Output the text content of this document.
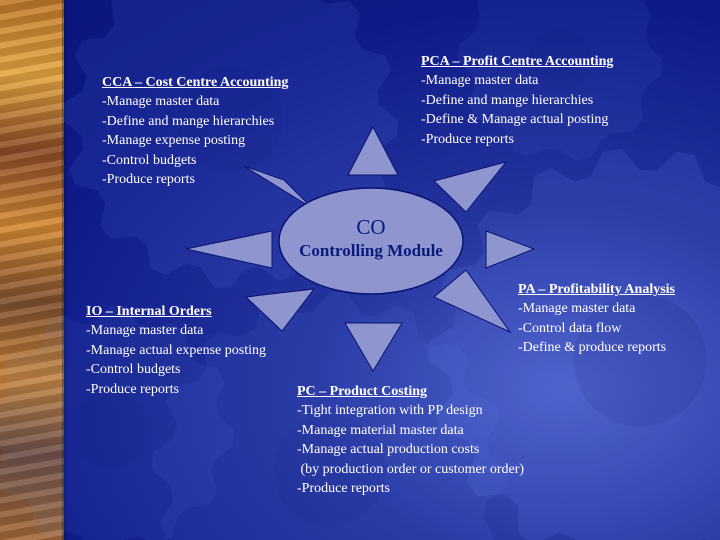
CO
Controlling Module
CCA – Cost Centre Accounting
-Manage master data
-Define and mange hierarchies
-Manage expense posting
-Control budgets
-Produce reports
PCA – Profit Centre Accounting
-Manage master data
-Define and mange hierarchies
-Define & Manage actual posting
-Produce reports
PA – Profitability Analysis
-Manage master data
-Control data flow
-Define & produce reports
IO – Internal Orders
-Manage master data
-Manage actual expense posting
-Control budgets
-Produce reports	PC – Product Costing
-Tight integration with PP design
-Manage material master data
-Manage actual production costs
(by production order or customer order)
-Produce reports
